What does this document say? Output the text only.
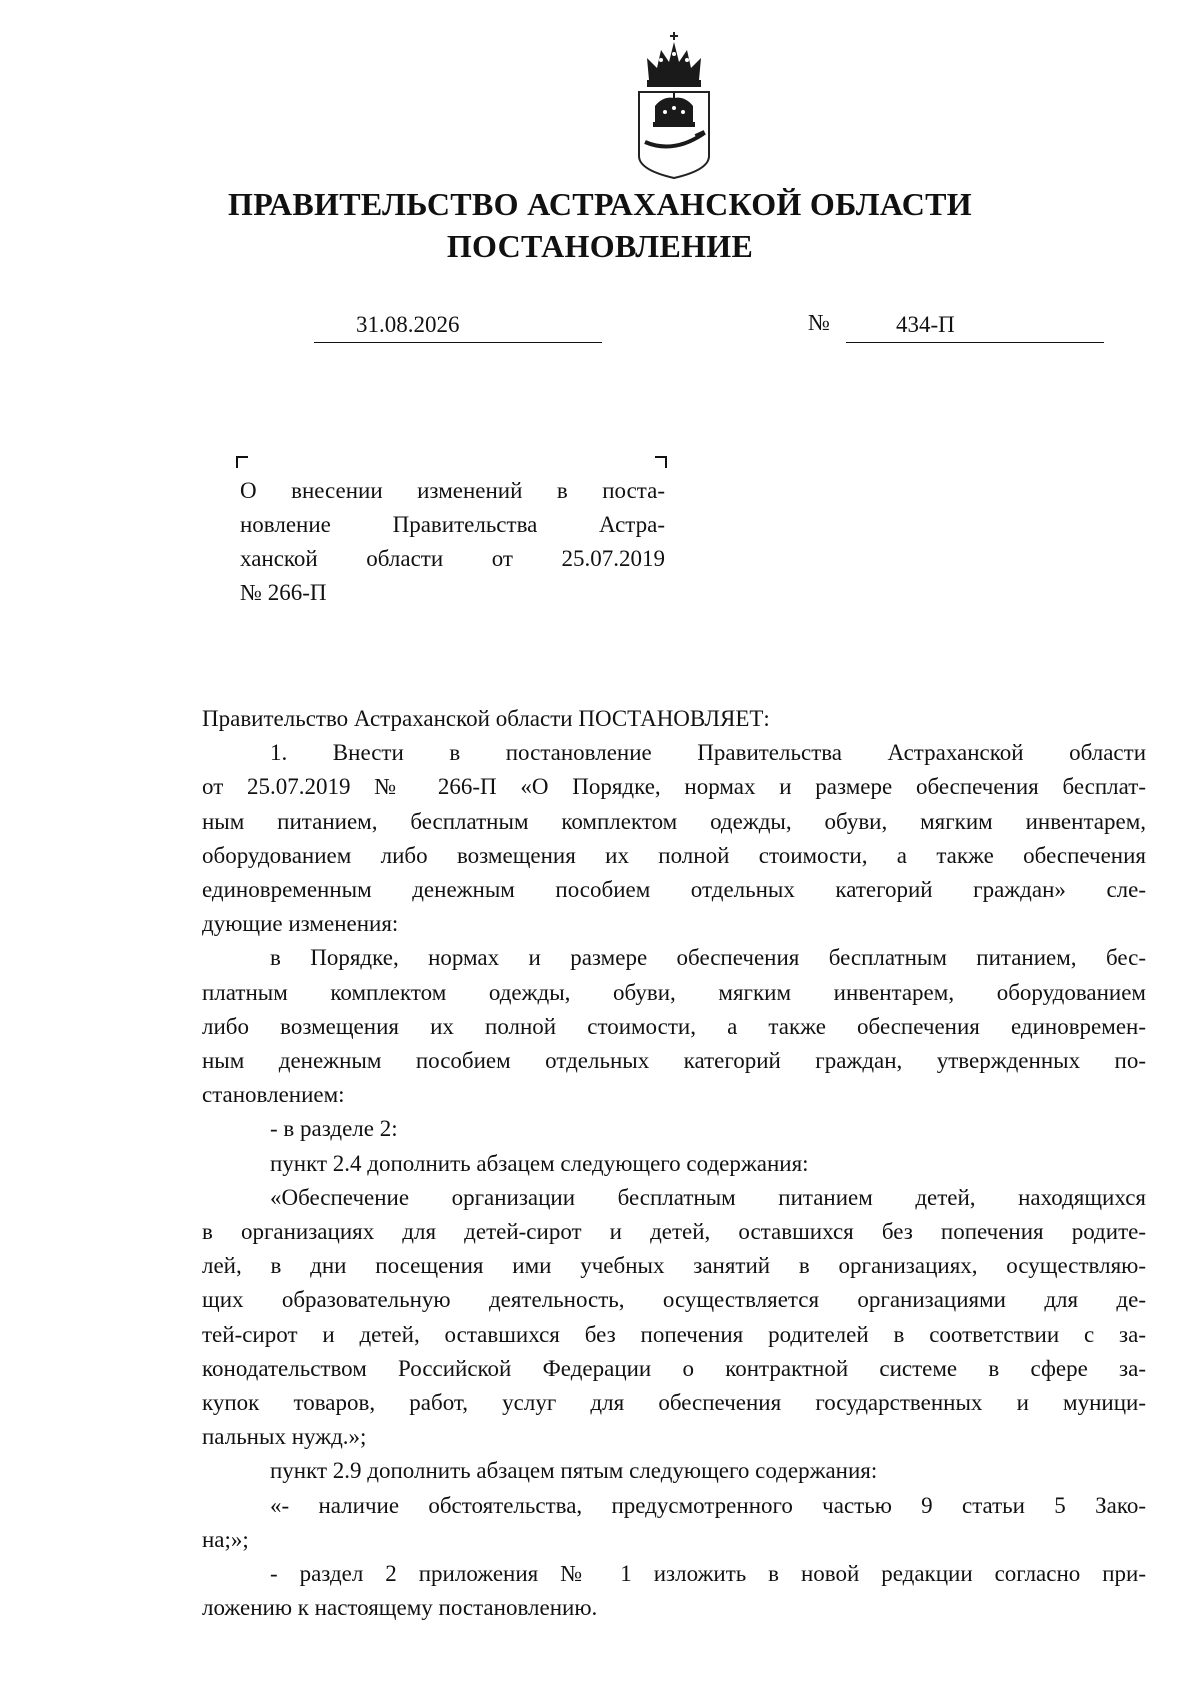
ПРАВИТЕЛЬСТВО АСТРАХАНСКОЙ ОБЛАСТИ
ПОСТАНОВЛЕНИЕ
31.08.2026	№	434-П
О внесении изменений в поста-
новление Правительства Астра-
ханской области от 25.07.2019
№ 266-П
Правительство Астраханской области ПОСТАНОВЛЯЕТ:
1. Внести в постановление Правительства Астраханской области
от 25.07.2019 № 266-П «О Порядке, нормах и размере обеспечения бесплат-
ным питанием, бесплатным комплектом одежды, обуви, мягким инвентарем,
оборудованием либо возмещения их полной стоимости, а также обеспечения
единовременным денежным пособием отдельных категорий граждан» сле-
дующие изменения:
в Порядке, нормах и размере обеспечения бесплатным питанием, бес-
платным комплектом одежды, обуви, мягким инвентарем, оборудованием
либо возмещения их полной стоимости, а также обеспечения единовремен-
ным денежным пособием отдельных категорий граждан, утвержденных по-
становлением:
- в разделе 2:
пункт 2.4 дополнить абзацем следующего содержания:
«Обеспечение организации бесплатным питанием детей, находящихся
в организациях для детей-сирот и детей, оставшихся без попечения родите-
лей, в дни посещения ими учебных занятий в организациях, осуществляю-
щих образовательную деятельность, осуществляется организациями для де-
тей-сирот и детей, оставшихся без попечения родителей в соответствии с за-
конодательством Российской Федерации о контрактной системе в сфере за-
купок товаров, работ, услуг для обеспечения государственных и муници-
пальных нужд.»;
пункт 2.9 дополнить абзацем пятым следующего содержания:
«- наличие обстоятельства, предусмотренного частью 9 статьи 5 Зако-
на;»;
- раздел 2 приложения № 1 изложить в новой редакции согласно при-
ложению к настоящему постановлению.
